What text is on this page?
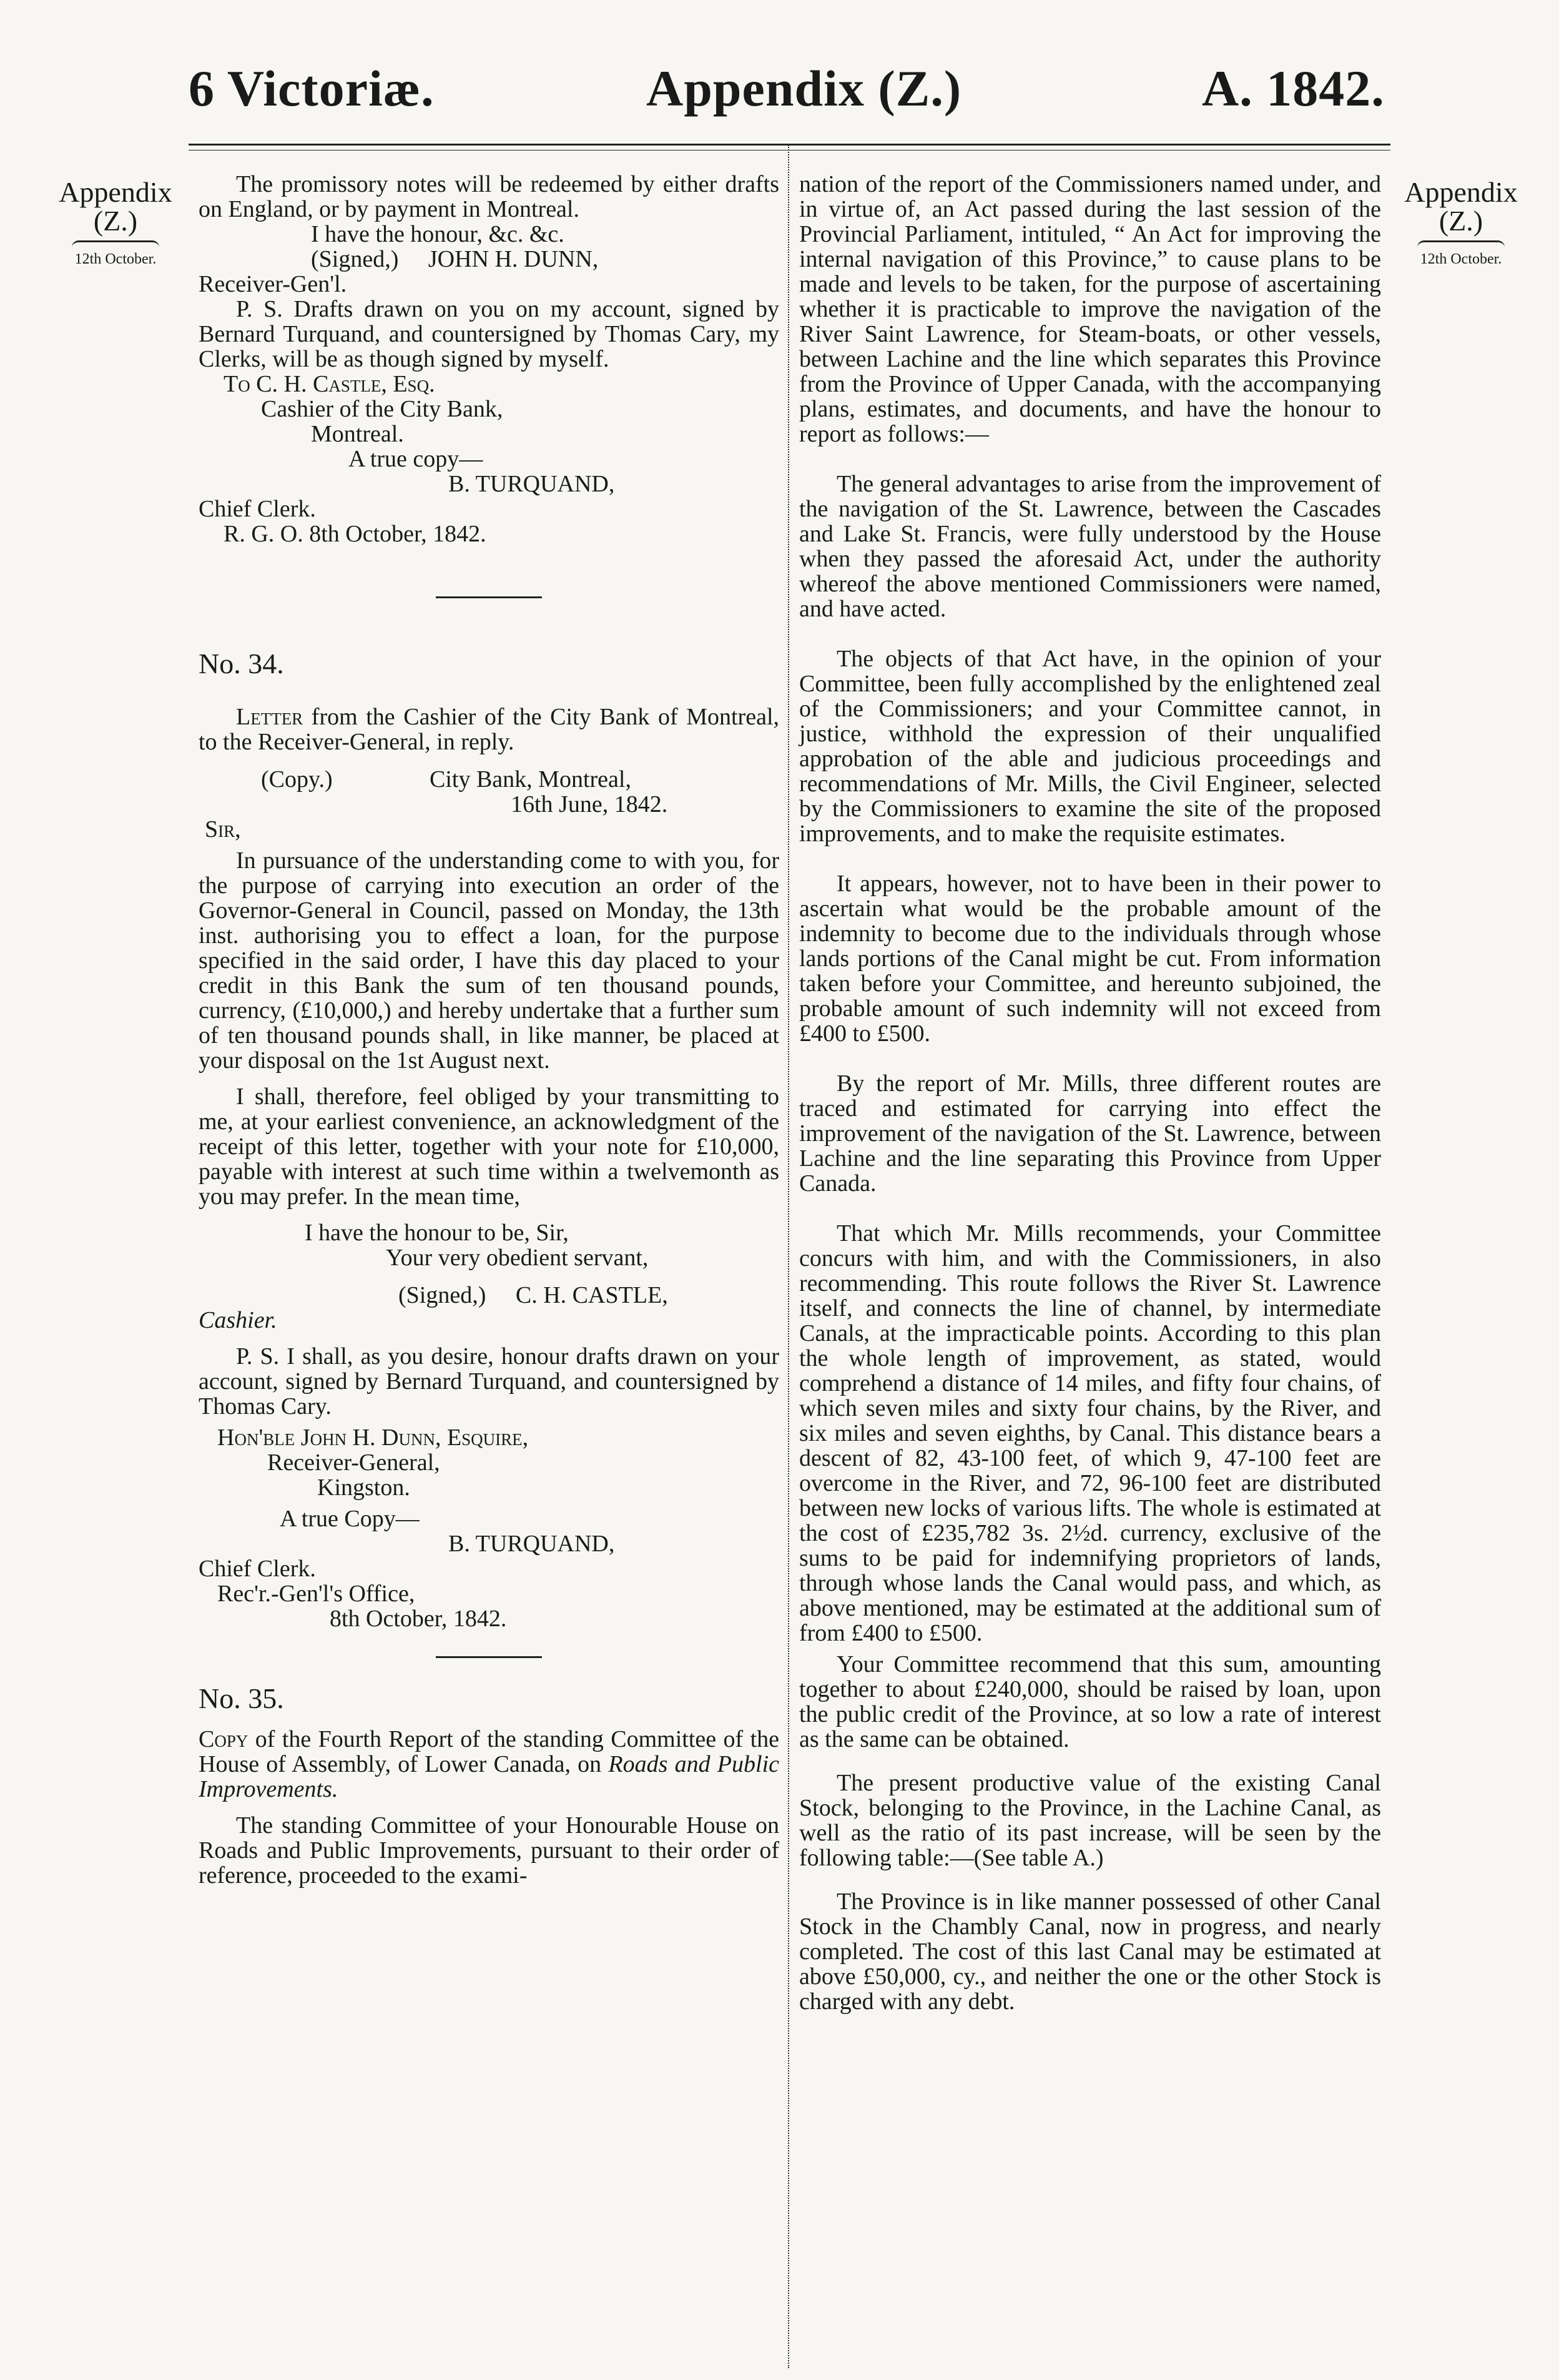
6 Victoriæ.	Appendix (Z.)	A. 1842.
Appendix
(Z.)
12th October.
Appendix
(Z.)
12th October.

The promissory notes will be redeemed by either drafts on England, or by payment in Montreal.

I have the honour, &c. &c.

(Signed,) JOHN H. DUNN,

Receiver-Gen'l.

P. S. Drafts drawn on you on my account, signed by Bernard Turquand, and countersigned by Thomas Cary, my Clerks, will be as though signed by myself.

To C. H. Castle, Esq.

Cashier of the City Bank,

Montreal.

A true copy—

B. TURQUAND,

Chief Clerk.

R. G. O. 8th October, 1842.

No. 34.

Letter from the Cashier of the City Bank of Montreal, to the Receiver-General, in reply.

(Copy.)	City Bank, Montreal,

16th June, 1842.

Sir,

In pursuance of the understanding come to with you, for the purpose of carrying into execution an order of the Governor-General in Council, passed on Monday, the 13th inst. authorising you to effect a loan, for the purpose specified in the said order, I have this day placed to your credit in this Bank the sum of ten thousand pounds, currency, (£10,000,) and hereby undertake that a further sum of ten thousand pounds shall, in like manner, be placed at your disposal on the 1st August next.

I shall, therefore, feel obliged by your transmitting to me, at your earliest convenience, an acknowledgment of the receipt of this letter, together with your note for £10,000, payable with interest at such time within a twelvemonth as you may prefer. In the mean time,

I have the honour to be, Sir,

Your very obedient servant,

(Signed,) C. H. CASTLE,

Cashier.

P. S. I shall, as you desire, honour drafts drawn on your account, signed by Bernard Turquand, and countersigned by Thomas Cary.

Hon'ble John H. Dunn, Esquire,

Receiver-General,

Kingston.

A true Copy—

B. TURQUAND,

Chief Clerk.

Rec'r.-Gen'l's Office,

8th October, 1842.

No. 35.

Copy of the Fourth Report of the standing Committee of the House of Assembly, of Lower Canada, on Roads and Public Improvements.

The standing Committee of your Honourable House on Roads and Public Improvements, pursuant to their order of reference, proceeded to the exami-

nation of the report of the Commissioners named under, and in virtue of, an Act passed during the last session of the Provincial Parliament, intituled, “ An Act for improving the internal navigation of this Province,” to cause plans to be made and levels to be taken, for the purpose of ascertaining whether it is practicable to improve the navigation of the River Saint Lawrence, for Steam-boats, or other vessels, between Lachine and the line which separates this Province from the Province of Upper Canada, with the accompanying plans, estimates, and documents, and have the honour to report as follows:—

The general advantages to arise from the improvement of the navigation of the St. Lawrence, between the Cascades and Lake St. Francis, were fully understood by the House when they passed the aforesaid Act, under the authority whereof the above mentioned Commissioners were named, and have acted.

The objects of that Act have, in the opinion of your Committee, been fully accomplished by the enlightened zeal of the Commissioners; and your Committee cannot, in justice, withhold the expression of their unqualified approbation of the able and judicious proceedings and recommendations of Mr. Mills, the Civil Engineer, selected by the Commissioners to examine the site of the proposed improvements, and to make the requisite estimates.

It appears, however, not to have been in their power to ascertain what would be the probable amount of the indemnity to become due to the individuals through whose lands portions of the Canal might be cut. From information taken before your Committee, and hereunto subjoined, the probable amount of such indemnity will not exceed from £400 to £500.

By the report of Mr. Mills, three different routes are traced and estimated for carrying into effect the improvement of the navigation of the St. Lawrence, between Lachine and the line separating this Province from Upper Canada.

That which Mr. Mills recommends, your Committee concurs with him, and with the Commissioners, in also recommending. This route follows the River St. Lawrence itself, and connects the line of channel, by intermediate Canals, at the impracticable points. According to this plan the whole length of improvement, as stated, would comprehend a distance of 14 miles, and fifty four chains, of which seven miles and sixty four chains, by the River, and six miles and seven eighths, by Canal. This distance bears a descent of 82, 43-100 feet, of which 9, 47-100 feet are overcome in the River, and 72, 96-100 feet are distributed between new locks of various lifts. The whole is estimated at the cost of £235,782 3s. 2½d. currency, exclusive of the sums to be paid for indemnifying proprietors of lands, through whose lands the Canal would pass, and which, as above mentioned, may be estimated at the additional sum of from £400 to £500.

Your Committee recommend that this sum, amounting together to about £240,000, should be raised by loan, upon the public credit of the Province, at so low a rate of interest as the same can be obtained.

The present productive value of the existing Canal Stock, belonging to the Province, in the Lachine Canal, as well as the ratio of its past increase, will be seen by the following table:—(See table A.)

The Province is in like manner possessed of other Canal Stock in the Chambly Canal, now in progress, and nearly completed. The cost of this last Canal may be estimated at above £50,000, cy., and neither the one or the other Stock is charged with any debt.
